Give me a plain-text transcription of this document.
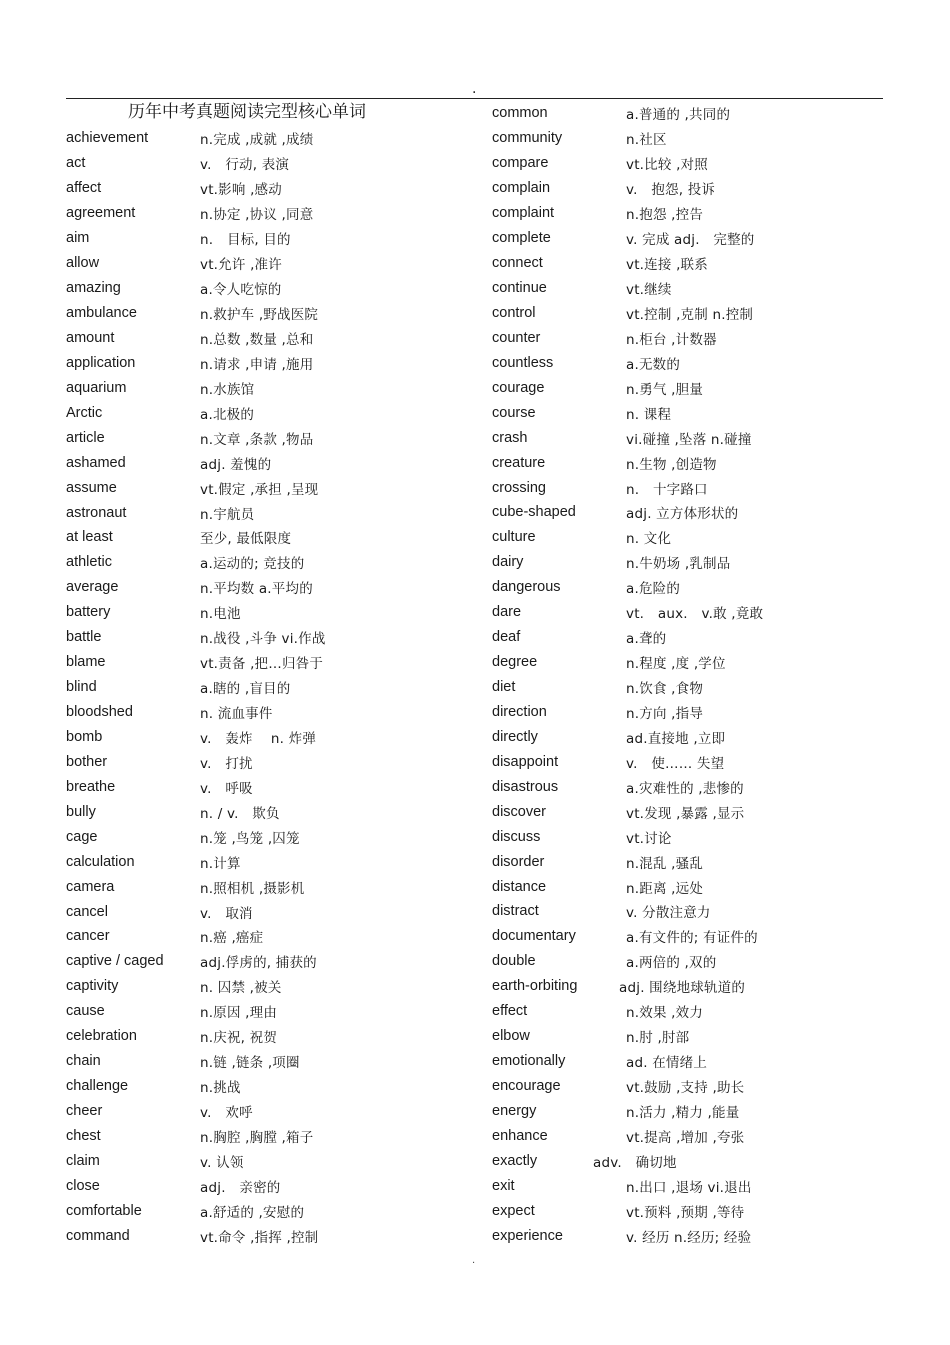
.
历年中考真题阅读完型核心单词
achievement	n.完成 ,成就 ,成绩
act	v.　行动, 表演
affect	vt.影响 ,感动
agreement	n.协定 ,协议 ,同意
aim	n.　目标, 目的
allow	vt.允许 ,准许
amazing	a.令人吃惊的
ambulance	n.救护车 ,野战医院
amount	n.总数 ,数量 ,总和
application	n.请求 ,申请 ,施用
aquarium	n.水族馆
Arctic	a.北极的
article	n.文章 ,条款 ,物品
ashamed	adj. 羞愧的
assume	vt.假定 ,承担 ,呈现
astronaut	n.宇航员
at least	至少, 最低限度
athletic	a.运动的; 竞技的
average	n.平均数 a.平均的
battery	n.电池
battle	n.战役 ,斗争 vi.作战
blame	vt.责备 ,把…归咎于
blind	a.瞎的 ,盲目的
bloodshed	n. 流血事件
bomb	v.　轰炸　 n. 炸弹
bother	v.　打扰
breathe	v.　呼吸
bully	n. / v.　欺负
cage	n.笼 ,鸟笼 ,囚笼
calculation	n.计算
camera	n.照相机 ,摄影机
cancel	v.　取消
cancer	n.癌 ,癌症
captive / caged	adj.俘虏的, 捕获的
captivity	n. 囚禁 ,被关
cause	n.原因 ,理由
celebration	n.庆祝, 祝贺
chain	n.链 ,链条 ,项圈
challenge	n.挑战
cheer	v.　欢呼
chest	n.胸腔 ,胸膛 ,箱子
claim	v. 认领
close	adj.　亲密的
comfortable	a.舒适的 ,安慰的
command	vt.命令 ,指挥 ,控制
common	a.普通的 ,共同的
community	n.社区
compare	vt.比较 ,对照
complain	v.　抱怨, 投诉
complaint	n.抱怨 ,控告
complete	v. 完成 adj.　完整的
connect	vt.连接 ,联系
continue	vt.继续
control	vt.控制 ,克制 n.控制
counter	n.柜台 ,计数器
countless	a.无数的
courage	n.勇气 ,胆量
course	n. 课程
crash	vi.碰撞 ,坠落 n.碰撞
creature	n.生物 ,创造物
crossing	n.　十字路口
cube-shaped	adj. 立方体形状的
culture	n. 文化
dairy	n.牛奶场 ,乳制品
dangerous	a.危险的
dare	vt.　aux.　v.敢 ,竟敢
deaf	a.聋的
degree	n.程度 ,度 ,学位
diet	n.饮食 ,食物
direction	n.方向 ,指导
directly	ad.直接地 ,立即
disappoint	v.　使…… 失望
disastrous	a.灾难性的 ,悲惨的
discover	vt.发现 ,暴露 ,显示
discuss	vt.讨论
disorder	n.混乱 ,骚乱
distance	n.距离 ,远处
distract	v. 分散注意力
documentary	a.有文件的; 有证件的
double	a.两倍的 ,双的
earth-orbiting	adj. 围绕地球轨道的
effect	n.效果 ,效力
elbow	n.肘 ,肘部
emotionally	ad. 在情绪上
encourage	vt.鼓励 ,支持 ,助长
energy	n.活力 ,精力 ,能量
enhance	vt.提高 ,增加 ,夸张
exactly	adv.　确切地
exit	n.出口 ,退场 vi.退出
expect	vt.预料 ,预期 ,等待
experience	v. 经历 n.经历; 经验
.
